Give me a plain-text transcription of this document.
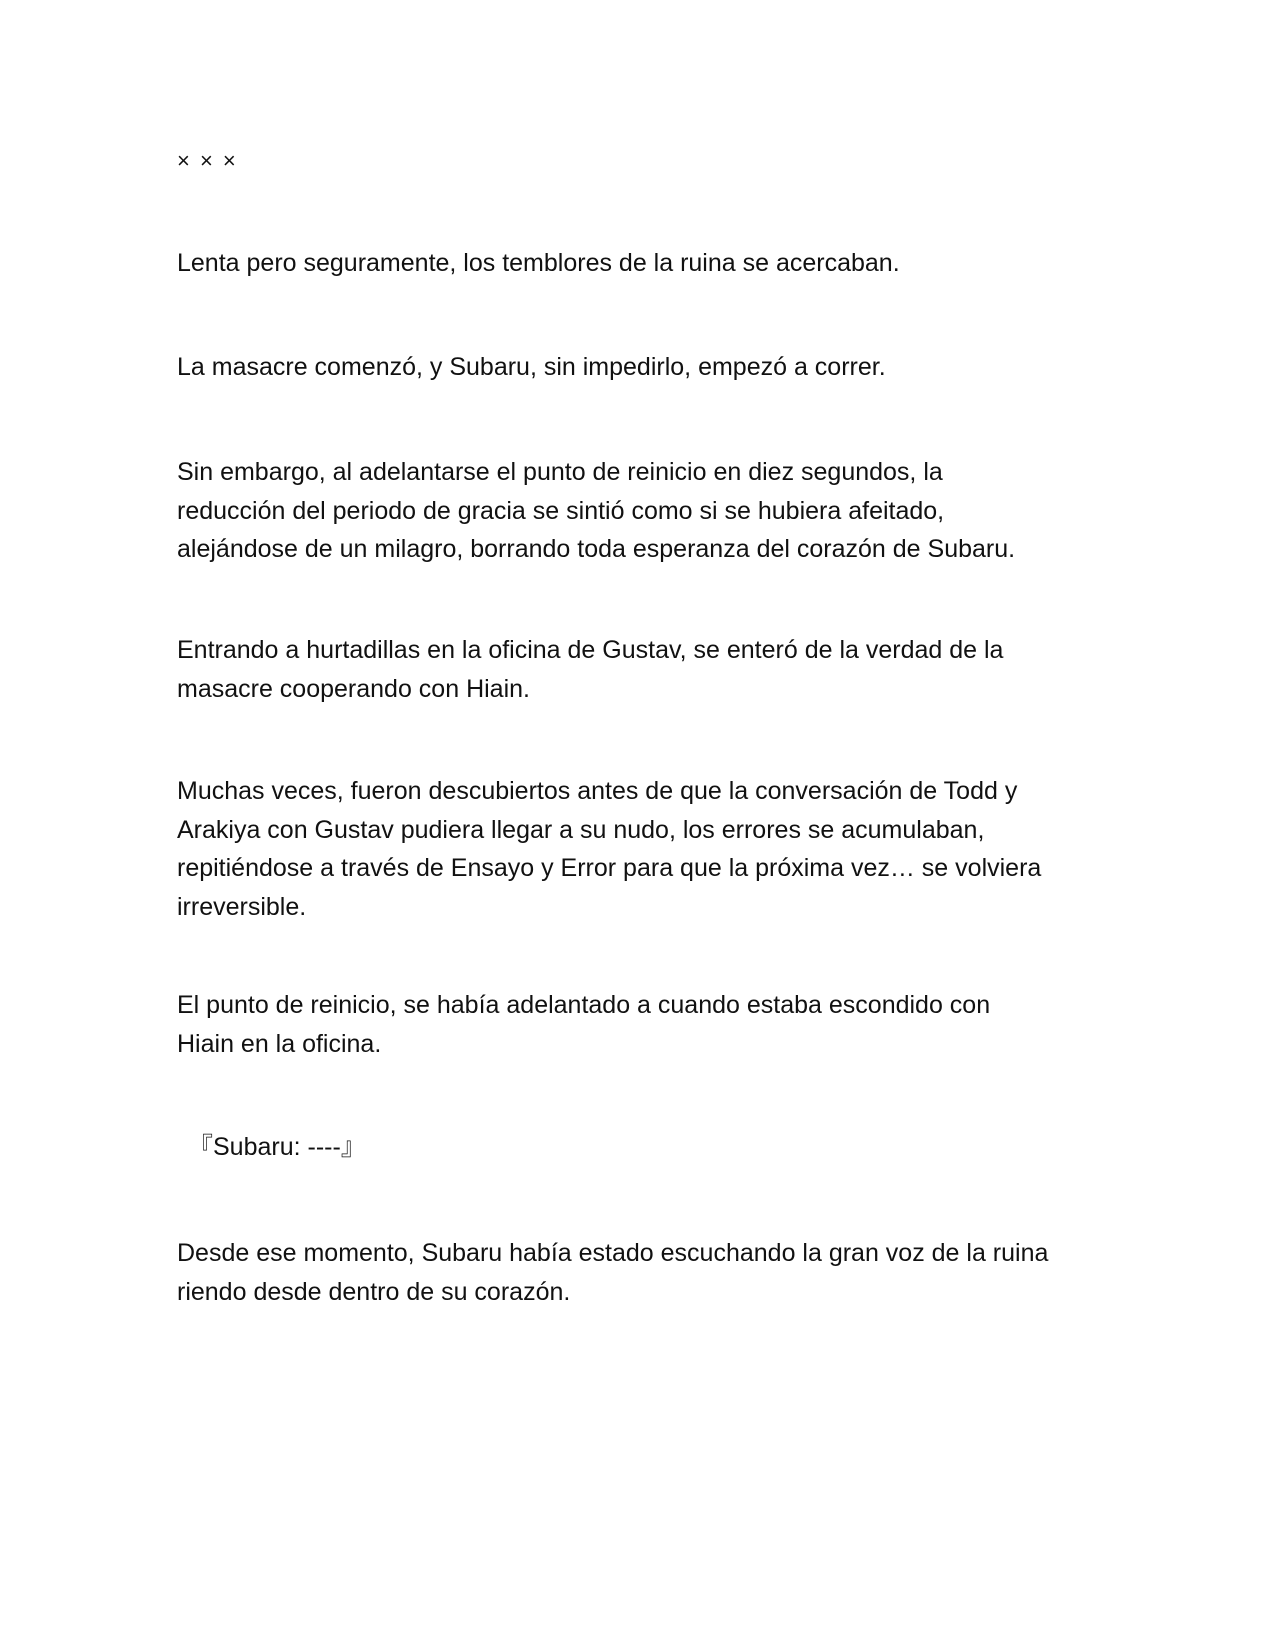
× × ×
Lenta pero seguramente, los temblores de la ruina se acercaban.
La masacre comenzó, y Subaru, sin impedirlo, empezó a correr.
Sin embargo, al adelantarse el punto de reinicio en diez segundos, la
reducción del periodo de gracia se sintió como si se hubiera afeitado,
alejándose de un milagro, borrando toda esperanza del corazón de Subaru.
Entrando a hurtadillas en la oficina de Gustav, se enteró de la verdad de la
masacre cooperando con Hiain.
Muchas veces, fueron descubiertos antes de que la conversación de Todd y
Arakiya con Gustav pudiera llegar a su nudo, los errores se acumulaban,
repitiéndose a través de Ensayo y Error para que la próxima vez… se volviera
irreversible.
El punto de reinicio, se había adelantado a cuando estaba escondido con
Hiain en la oficina.
『Subaru: ----』
Desde ese momento, Subaru había estado escuchando la gran voz de la ruina
riendo desde dentro de su corazón.
